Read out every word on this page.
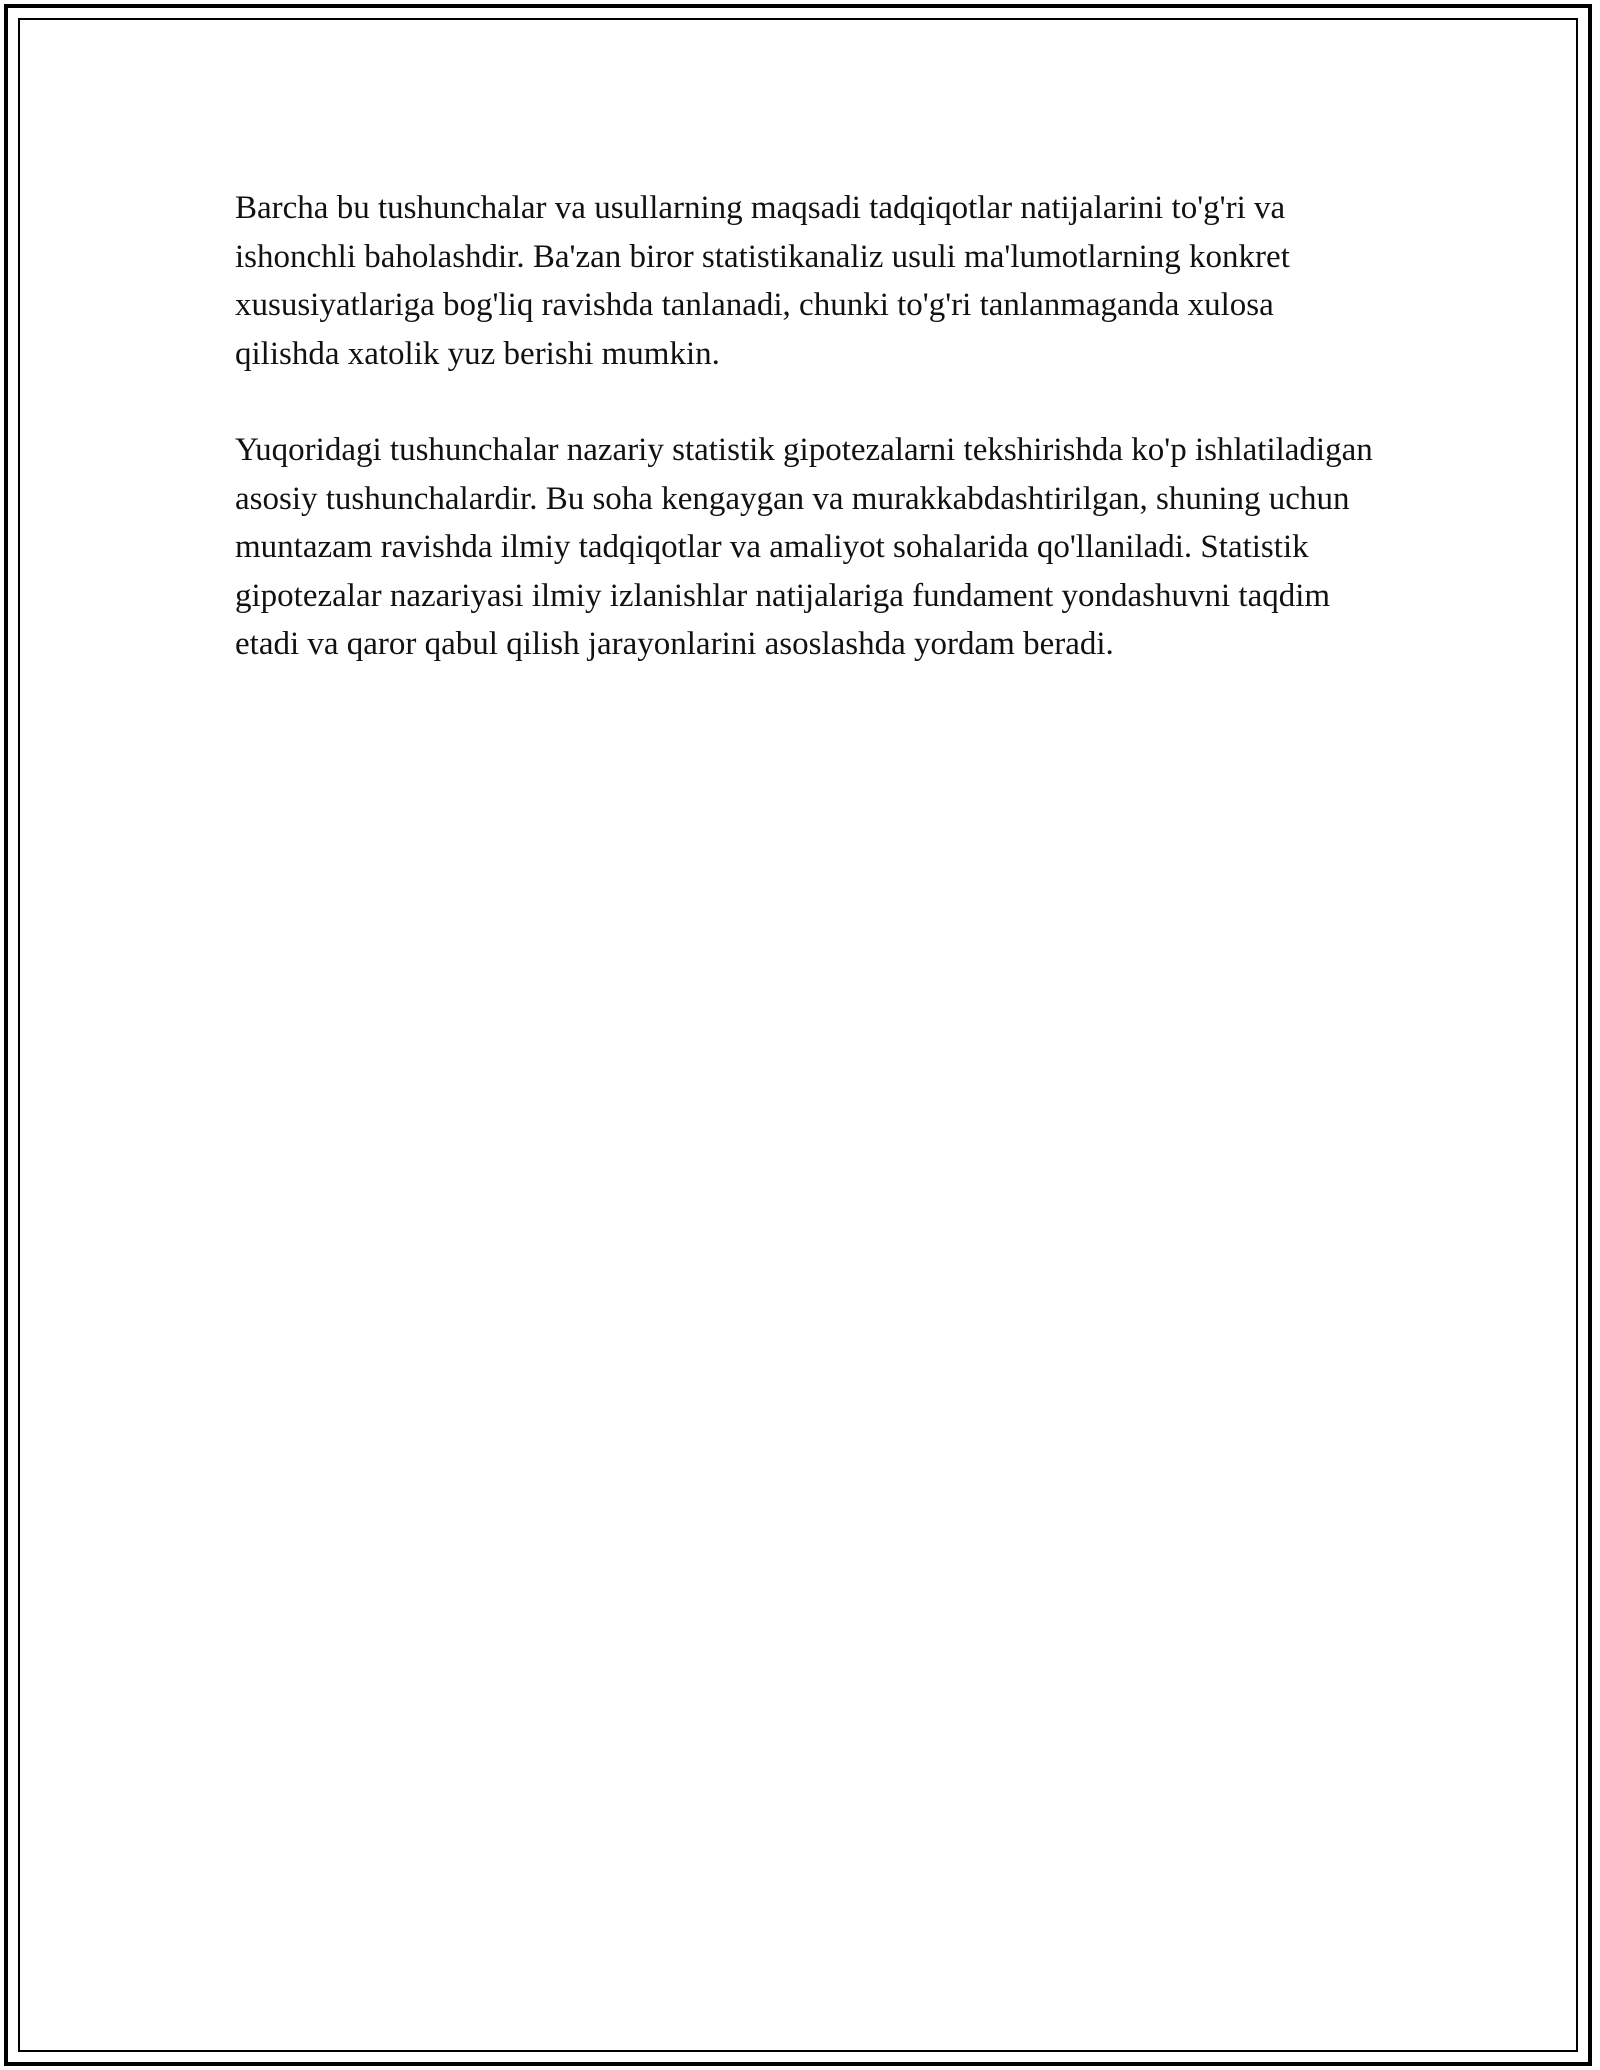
Barcha bu tushunchalar va usullarning maqsadi tadqiqotlar natijalarini to'g'ri va ishonchli baholashdir. Ba'zan biror statistikanaliz usuli ma'lumotlarning konkret xususiyatlariga bog'liq ravishda tanlanadi, chunki to'g'ri tanlanmaganda xulosa qilishda xatolik yuz berishi mumkin.

Yuqoridagi tushunchalar nazariy statistik gipotezalarni tekshirishda ko'p ishlatiladigan asosiy tushunchalardir. Bu soha kengaygan va murakkabdashtirilgan, shuning uchun muntazam ravishda ilmiy tadqiqotlar va amaliyot sohalarida qo'llaniladi. Statistik gipotezalar nazariyasi ilmiy izlanishlar natijalariga fundament yondashuvni taqdim etadi va qaror qabul qilish jarayonlarini asoslashda yordam beradi.
